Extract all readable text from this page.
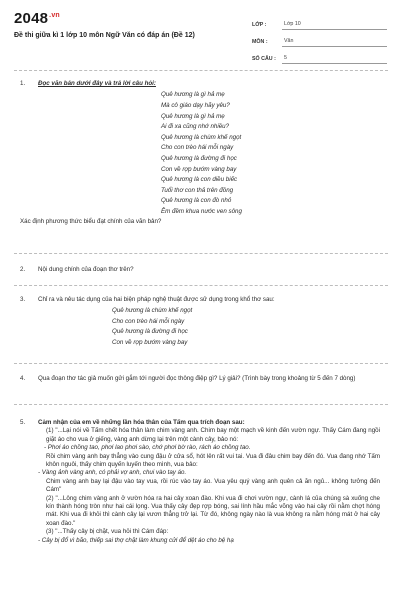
$2048^{.vn}$
Đề thi giữa kì 1 lớp 10 môn Ngữ Văn có đáp án (Đề 12)
LỚP :	Lớp 10
MÔN :	Văn
SỐ CÂU :	5
1. Đọc văn bản dưới đây và trả lời câu hỏi:
Quê hương là gì hả mẹ
Mà cô giáo dạy hãy yêu?
Quê hương là gì hả mẹ
Ai đi xa cũng nhớ nhiều?
Quê hương là chùm khế ngọt
Cho con trèo hái mỗi ngày
Quê hương là đường đi học
Con về rợp bướm vàng bay
Quê hương là con diều biếc
Tuổi thơ con thả trên đồng
Quê hương là con đò nhỏ
Êm đềm khua nước ven sông
Xác định phương thức biểu đạt chính của văn bản?
2. Nội dung chính của đoạn thơ trên?
3. Chỉ ra và nêu tác dụng của hai biện pháp nghệ thuật được sử dụng trong khổ thơ sau:
Quê hương là chùm khế ngọt
Cho con trèo hái mỗi ngày
Quê hương là đường đi học
Con về rợp bướm vàng bay
4. Qua đoạn thơ tác giả muốn gửi gắm tới người đọc thông điệp gì? Lý giải? (Trình bày trong khoảng từ 5 đến 7 dòng)
5. Cảm nhận của em về những lần hóa thân của Tấm qua trích đoạn sau:
(1) "...Lại nói về Tấm chết hóa thân làm chim vàng anh. Chim bay một mạch về kinh đến vườn ngự. Thấy Cám đang ngồi giặt áo cho vua ở giếng, vàng anh dừng lại trên một cành cây, bảo nó:
- Phơi áo chồng tao, phơi lao phơi sào, chớ phơi bờ rào, rách áo chồng tao.
Rồi chim vàng anh bay thẳng vào cung đậu ở cửa sổ, hót lên rất vui tai. Vua đi đâu chim bay đến đó. Vua đang nhớ Tấm khôn nguôi, thấy chim quyến luyến theo mình, vua bảo:
- Vàng ảnh vàng anh, có phải vợ anh, chui vào tay áo.
Chim vàng anh bay lại đậu vào tay vua, rồi rúc vào tay áo. Vua yêu quý vàng anh quên cả ăn ngủ... không tưởng đến Cám"
(2) "...Lông chim vàng anh ở vườn hóa ra hai cây xoan đào. Khi vua đi chơi vườn ngự, cành lá của chúng sà xuống che kín thành hóng tròn như hai cái lọng. Vua thấy cây đẹp rợp bóng, sai lính hầu mắc võng vào hai cây rồi nằm chợt hóng mát. Khi vua đi khỏi thì cành cây lại vươn thẳng trở lại. Từ đó, không ngày nào là vua không ra nằm hóng mát ở hai cây xoan đào."
(3) "...Thấy cây bị chặt, vua hỏi thì Cám đáp:
- Cây bị đổ vì bão, thiếp sai thợ chặt làm khung cửi để dệt áo cho bệ hạ
